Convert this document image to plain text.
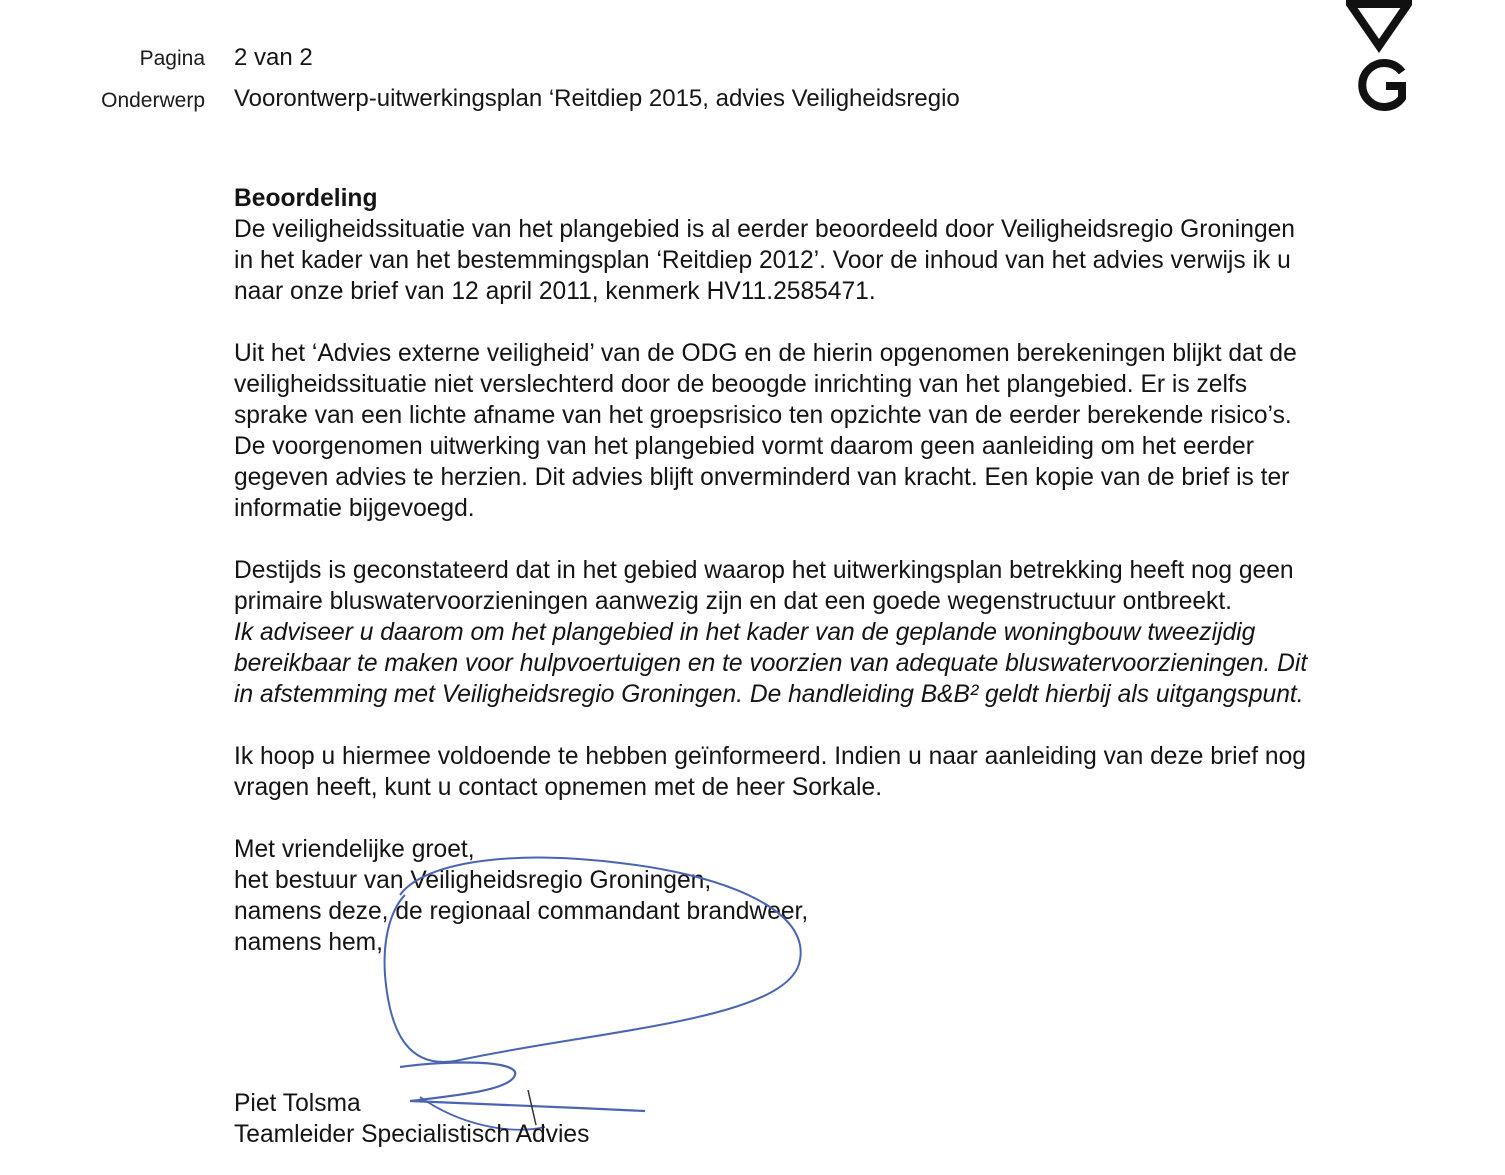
Pagina 2 van 2
Onderwerp Voorontwerp-uitwerkingsplan ‘Reitdiep 2015, advies Veiligheidsregio

Beoordeling

De veiligheidssituatie van het plangebied is al eerder beoordeeld door Veiligheidsregio Groningen

in het kader van het bestemmingsplan ‘Reitdiep 2012’. Voor de inhoud van het advies verwijs ik u

naar onze brief van 12 april 2011, kenmerk HV11.2585471.

Uit het ‘Advies externe veiligheid’ van de ODG en de hierin opgenomen berekeningen blijkt dat de

veiligheidssituatie niet verslechterd door de beoogde inrichting van het plangebied. Er is zelfs

sprake van een lichte afname van het groepsrisico ten opzichte van de eerder berekende risico’s.

De voorgenomen uitwerking van het plangebied vormt daarom geen aanleiding om het eerder

gegeven advies te herzien. Dit advies blijft onverminderd van kracht. Een kopie van de brief is ter

informatie bijgevoegd.

Destijds is geconstateerd dat in het gebied waarop het uitwerkingsplan betrekking heeft nog geen

primaire bluswatervoorzieningen aanwezig zijn en dat een goede wegenstructuur ontbreekt.

Ik adviseer u daarom om het plangebied in het kader van de geplande woningbouw tweezijdig

bereikbaar te maken voor hulpvoertuigen en te voorzien van adequate bluswatervoorzieningen. Dit

in afstemming met Veiligheidsregio Groningen. De handleiding B&B² geldt hierbij als uitgangspunt.

Ik hoop u hiermee voldoende te hebben geïnformeerd. Indien u naar aanleiding van deze brief nog

vragen heeft, kunt u contact opnemen met de heer Sorkale.

Met vriendelijke groet,

het bestuur van Veiligheidsregio Groningen,

namens deze, de regionaal commandant brandweer,

namens hem,

Piet Tolsma
Teamleider Specialistisch Advies
